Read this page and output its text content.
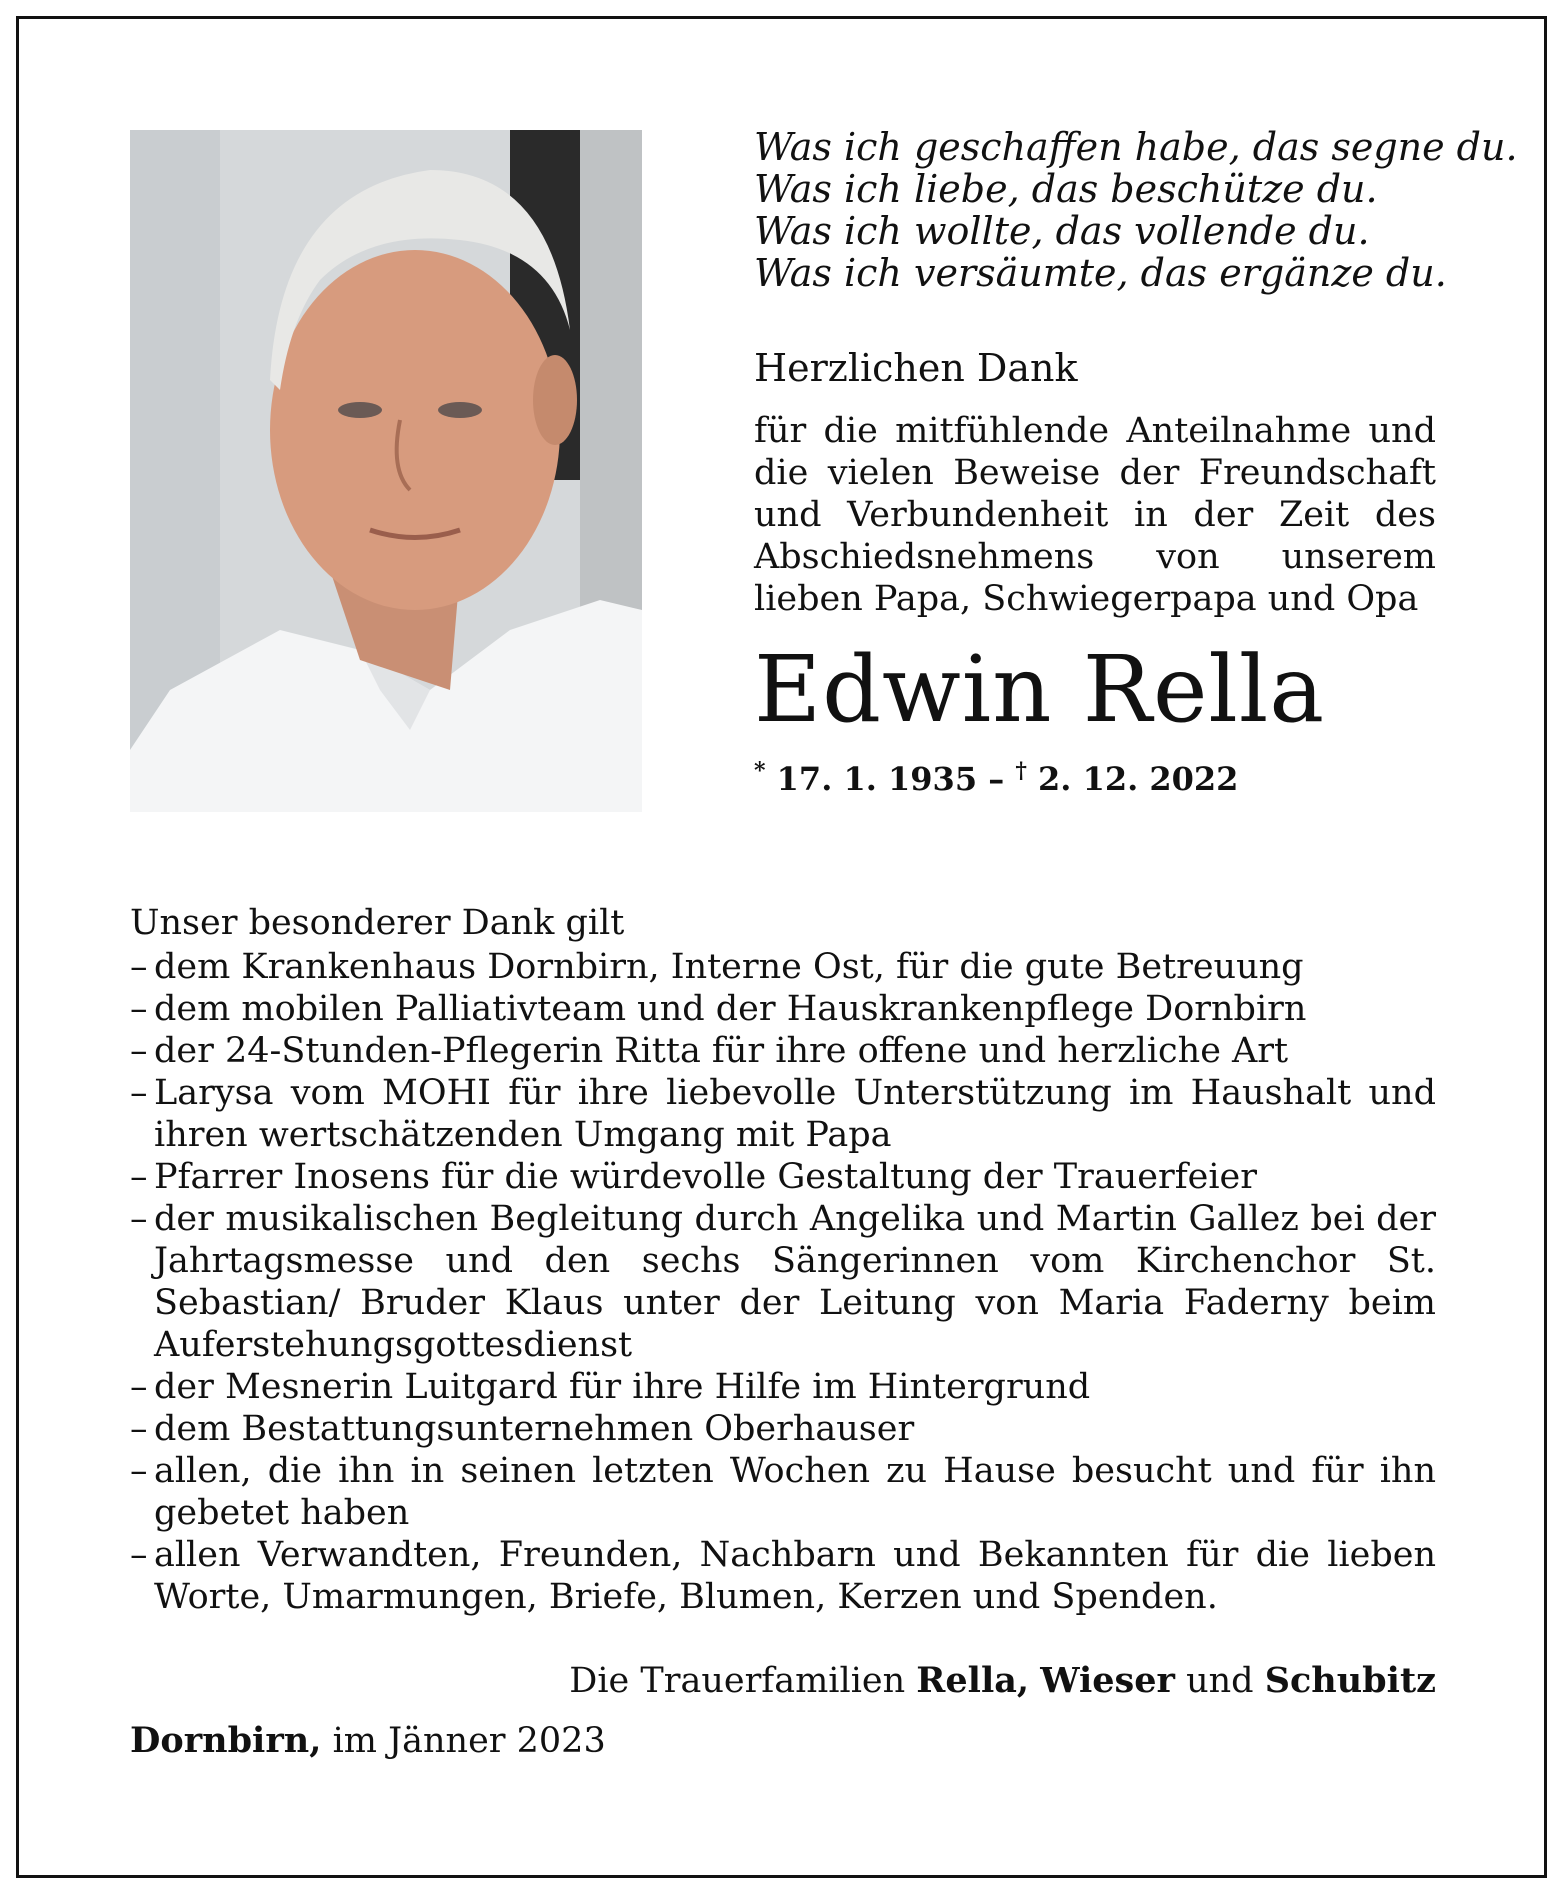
Was ich geschaffen habe, das segne du.
Was ich liebe, das beschütze du.
Was ich wollte, das vollende du.
Was ich versäumte, das ergänze du.
Herzlichen Dank
für die mitfühlende Anteilnahme und die vielen Beweise der Freundschaft und Verbundenheit in der Zeit des Abschiedsnehmens von unserem lieben Papa, Schwiegerpapa und Opa
Edwin Rella
* 17. 1. 1935 – † 2. 12. 2022
Unser besonderer Dank gilt
– dem Krankenhaus Dornbirn, Interne Ost, für die gute Betreuung
– dem mobilen Palliativteam und der Hauskrankenpflege Dornbirn
– der 24-Stunden-Pflegerin Ritta für ihre offene und herzliche Art
– Larysa vom MOHI für ihre liebevolle Unterstützung im Haushalt und ihren wertschätzenden Umgang mit Papa
– Pfarrer Inosens für die würdevolle Gestaltung der Trauerfeier
– der musikalischen Begleitung durch Angelika und Martin Gallez bei der Jahrtagsmesse und den sechs Sängerinnen vom Kirchenchor St. Sebastian/ Bruder Klaus unter der Leitung von Maria Faderny beim Auferstehungsgottesdienst
– der Mesnerin Luitgard für ihre Hilfe im Hintergrund
– dem Bestattungsunternehmen Oberhauser
– allen, die ihn in seinen letzten Wochen zu Hause besucht und für ihn gebetet haben
– allen Verwandten, Freunden, Nachbarn und Bekannten für die lieben Worte, Umarmungen, Briefe, Blumen, Kerzen und Spenden.
Die Trauerfamilien Rella, Wieser und Schubitz
Dornbirn, im Jänner 2023
